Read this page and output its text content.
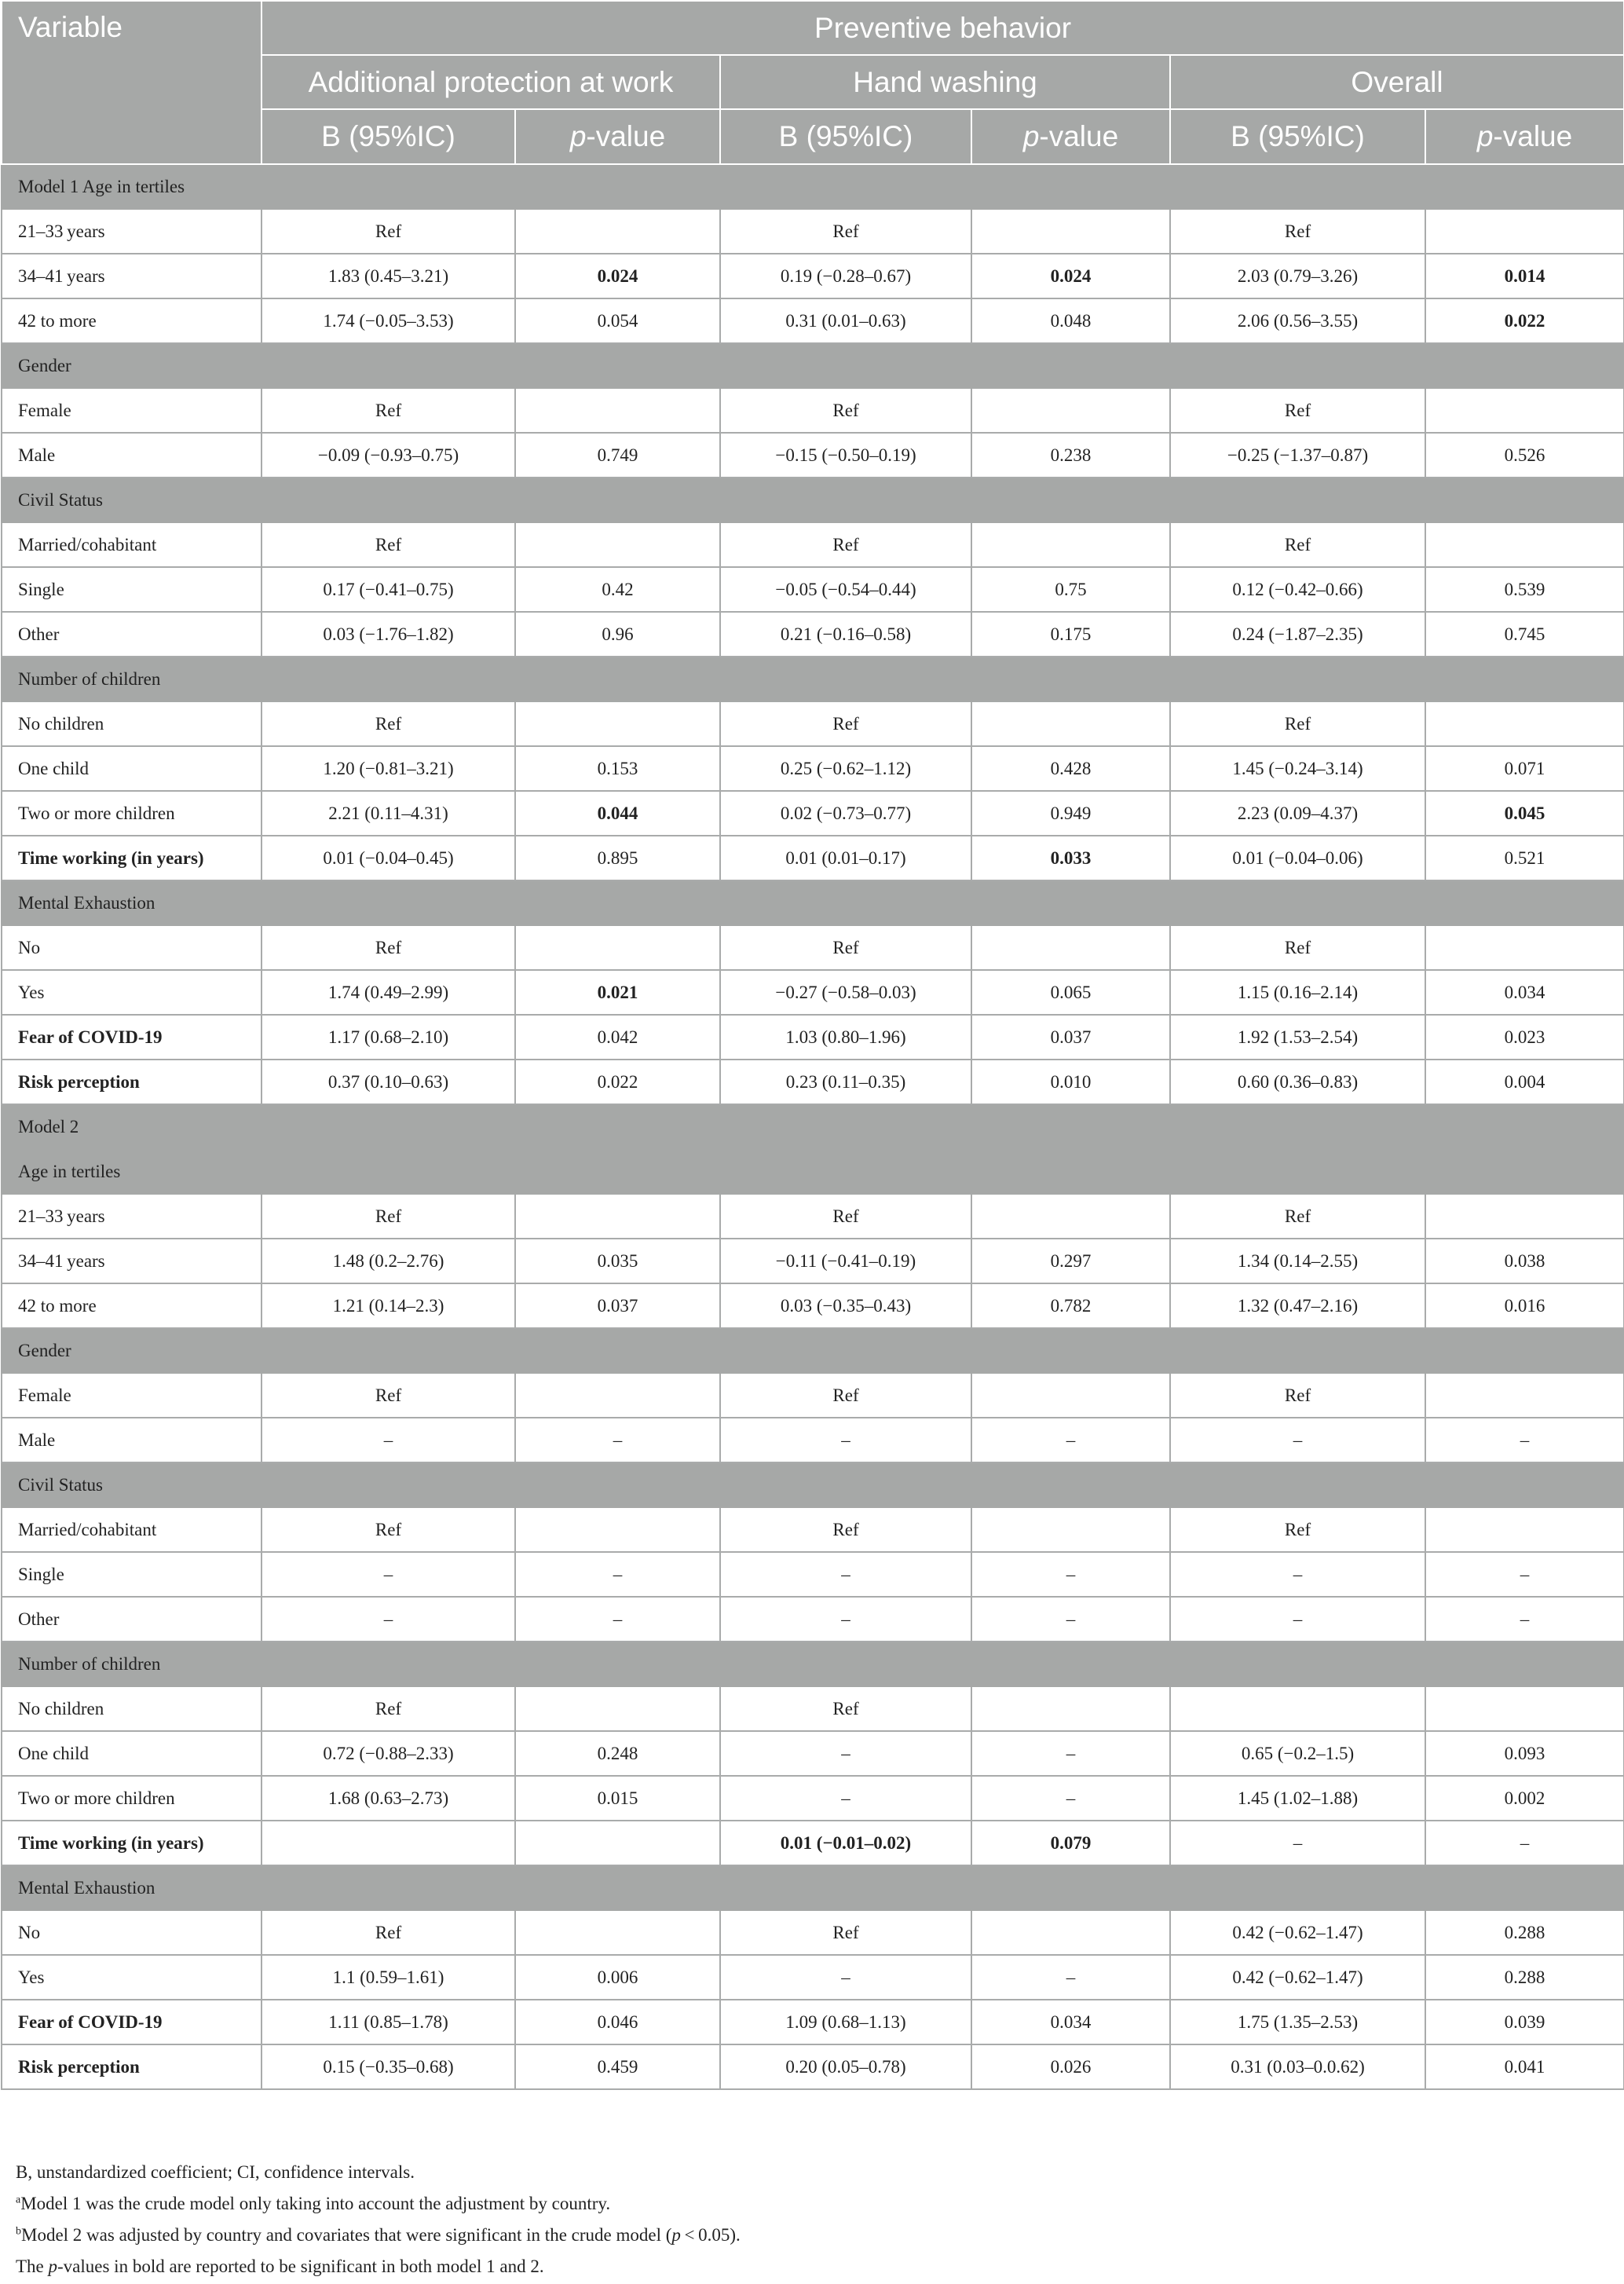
Variable	Preventive behavior					
	Additional protection at work		Hand washing		Overall	
	B (95%IC)	p-value	B (95%IC)	p-value	B (95%IC)	p-value
Model 1 Age in tertiles						
21–33 years	Ref		Ref		Ref	
34–41 years	1.83 (0.45–3.21)	0.024	0.19 (−0.28–0.67)	0.024	2.03 (0.79–3.26)	0.014
42 to more	1.74 (−0.05–3.53)	0.054	0.31 (0.01–0.63)	0.048	2.06 (0.56–3.55)	0.022
Gender						
Female	Ref		Ref		Ref	
Male	−0.09 (−0.93–0.75)	0.749	−0.15 (−0.50–0.19)	0.238	−0.25 (−1.37–0.87)	0.526
Civil Status						
Married/cohabitant	Ref		Ref		Ref	
Single	0.17 (−0.41–0.75)	0.42	−0.05 (−0.54–0.44)	0.75	0.12 (−0.42–0.66)	0.539
Other	0.03 (−1.76–1.82)	0.96	0.21 (−0.16–0.58)	0.175	0.24 (−1.87–2.35)	0.745
Number of children						
No children	Ref		Ref		Ref	
One child	1.20 (−0.81–3.21)	0.153	0.25 (−0.62–1.12)	0.428	1.45 (−0.24–3.14)	0.071
Two or more children	2.21 (0.11–4.31)	0.044	0.02 (−0.73–0.77)	0.949	2.23 (0.09–4.37)	0.045
Time working (in years)	0.01 (−0.04–0.45)	0.895	0.01 (0.01–0.17)	0.033	0.01 (−0.04–0.06)	0.521
Mental Exhaustion						
No	Ref		Ref		Ref	
Yes	1.74 (0.49–2.99)	0.021	−0.27 (−0.58–0.03)	0.065	1.15 (0.16–2.14)	0.034
Fear of COVID-19	1.17 (0.68–2.10)	0.042	1.03 (0.80–1.96)	0.037	1.92 (1.53–2.54)	0.023
Risk perception	0.37 (0.10–0.63)	0.022	0.23 (0.11–0.35)	0.010	0.60 (0.36–0.83)	0.004
Model 2						
Age in tertiles						
21–33 years	Ref		Ref		Ref	
34–41 years	1.48 (0.2–2.76)	0.035	−0.11 (−0.41–0.19)	0.297	1.34 (0.14–2.55)	0.038
42 to more	1.21 (0.14–2.3)	0.037	0.03 (−0.35–0.43)	0.782	1.32 (0.47–2.16)	0.016
Gender						
Female	Ref		Ref		Ref	
Male	–	–	–	–	–	–
Civil Status						
Married/cohabitant	Ref		Ref		Ref	
Single	–	–	–	–	–	–
Other	–	–	–	–	–	–
Number of children						
No children	Ref		Ref			
One child	0.72 (−0.88–2.33)	0.248	–	–	0.65 (−0.2–1.5)	0.093
Two or more children	1.68 (0.63–2.73)	0.015	–	–	1.45 (1.02–1.88)	0.002
Time working (in years)			0.01 (−0.01–0.02)	0.079	–	–
Mental Exhaustion						
No	Ref		Ref		0.42 (−0.62–1.47)	0.288
Yes	1.1 (0.59–1.61)	0.006	–	–	0.42 (−0.62–1.47)	0.288
Fear of COVID-19	1.11 (0.85–1.78)	0.046	1.09 (0.68–1.13)	0.034	1.75 (1.35–2.53)	0.039
Risk perception	0.15 (−0.35–0.68)	0.459	0.20 (0.05–0.78)	0.026	0.31 (0.03–0.0.62)	0.041
B, unstandardized coefficient; CI, confidence intervals.
$^a$Model 1 was the crude model only taking into account the adjustment by country.
$^b$Model 2 was adjusted by country and covariates that were significant in the crude model (p < 0.05).
The p-values in bold are reported to be significant in both model 1 and 2.
